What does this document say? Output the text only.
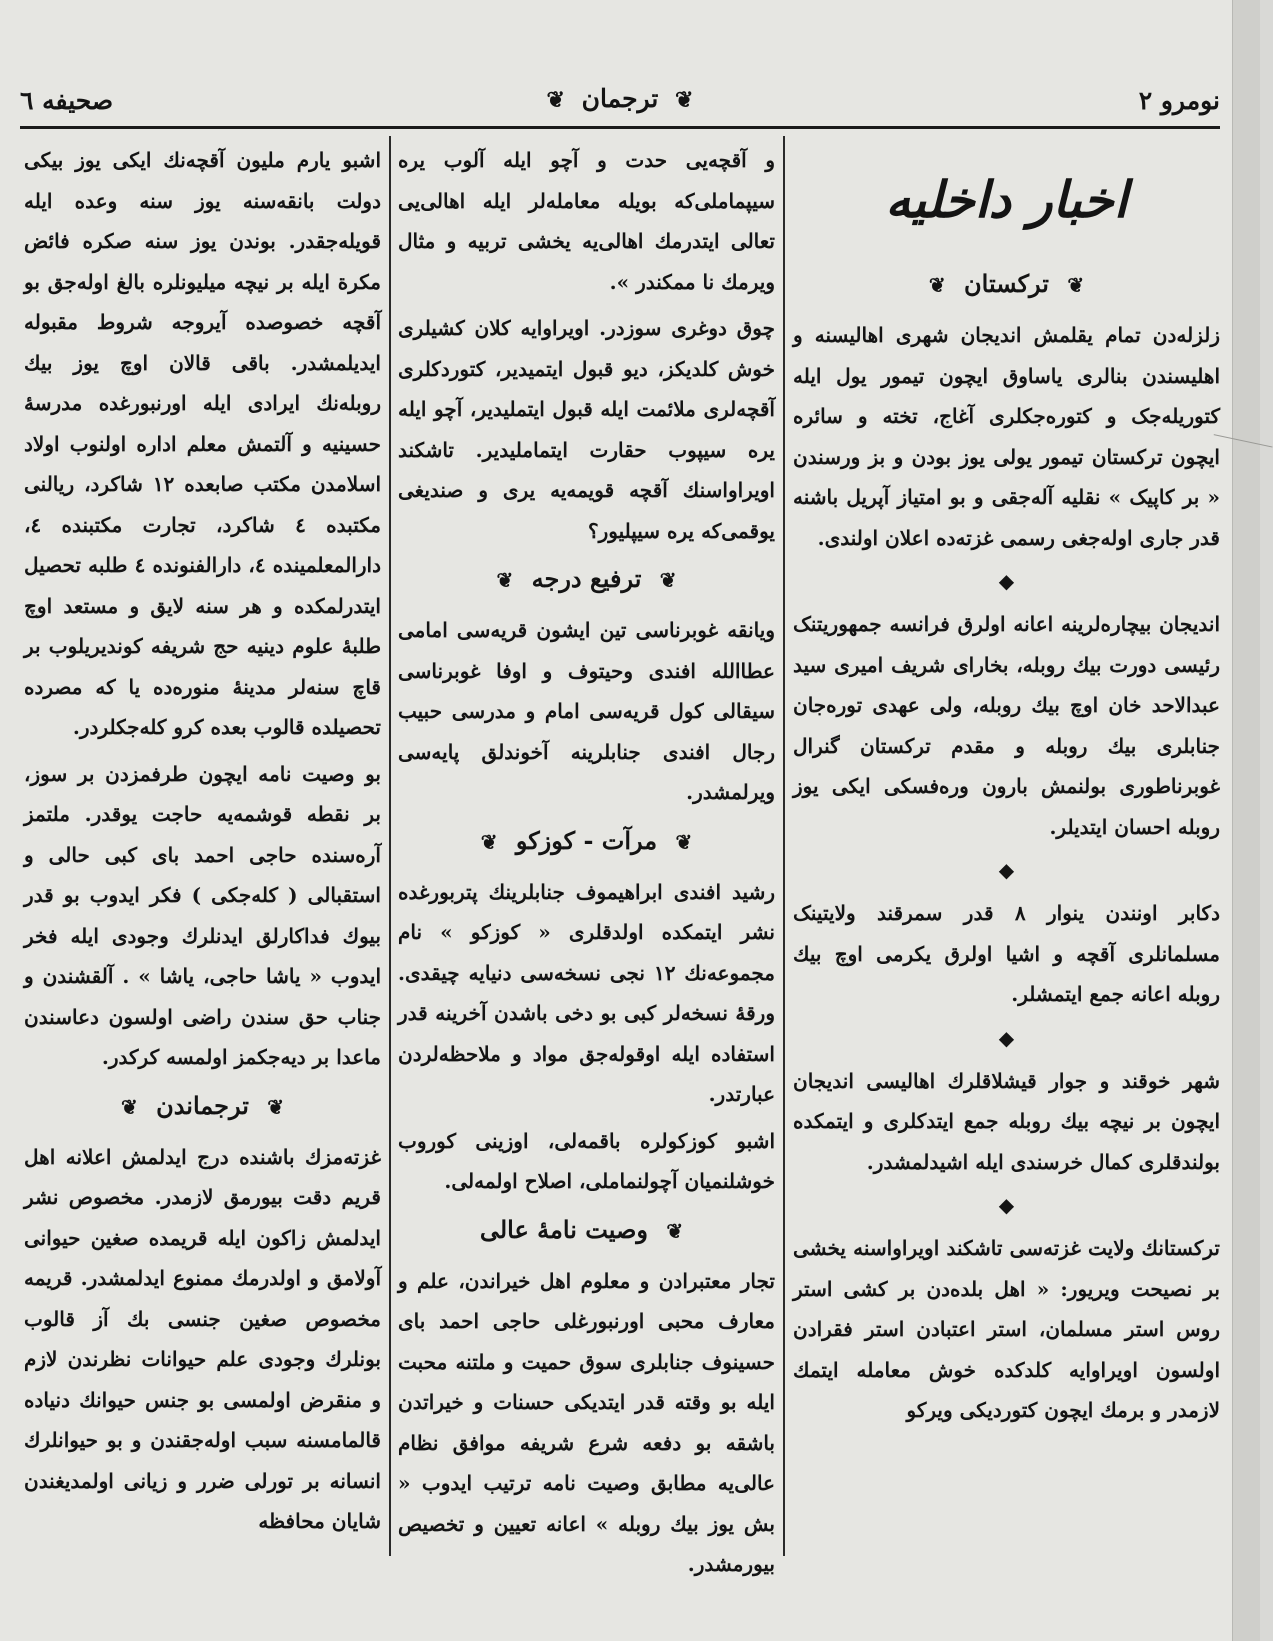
نومرو ۲
❦ ترجمان ❦
صحیفه ٦
اخبار داخلیه
❦ ترکستان ❦

زلزله‌دن تمام یقلمش اندیجان شهری اهالیسنه و اهلیسندن بنالری یاساوق ایچون تیمور یول ایله کتوریله‌جک و کتوره‌جکلری آغاج، تخته و سائره ایچون ترکستان تیمور یولی یوز بودن و بز ورسندن « بر کاپیک » نقلیه آله‌جقی و بو امتیاز آپریل باشنه قدر جاری اوله‌جغی رسمی غزته‌ده اعلان اولندی.

◆

اندیجان بیچاره‌لرینه اعانه اولرق فرانسه جمهوریتنک رئیسی دورت بیك روبله، بخارای شریف امیری سید عبدالاحد خان اوچ بیك روبله، ولی عهدی توره‌جان جنابلری بیك روبله و مقدم ترکستان گنرال غوبرناطوری بولنمش بارون وره‌فسکی ایکی یوز روبله احسان ایتدیلر.

◆

دکابر اونندن ینوار ۸ قدر سمرقند ولایتینک مسلمانلری آقچه و اشیا اولرق یکرمی اوچ بیك روبله اعانه جمع ایتمشلر.

◆

شهر خوقند و جوار قیشلاقلرك اهالیسی اندیجان ایچون بر نیچه بیك روبله جمع ایتدکلری و ایتمکده بولندقلری کمال خرسندی ایله اشیدلمشدر.

◆

ترکستانك ولایت غزته‌سی تاشکند اویراواسنه یخشی بر نصیحت ویریور: « اهل بلده‌دن بر کشی استر روس استر مسلمان، استر اعتبادن استر فقرادن اولسون اویراوایه کلدکده خوش معامله ایتمك لازمدر و برمك ایچون کتوردیکی ویرکو

و آقچه‌یی حدت و آچو ایله آلوب یره سیپماملی‌که بویله معامله‌لر ایله اهالی‌یی تعالی ایتدرمك اهالی‌یه یخشی تربیه و مثال ویرمك نا ممکندر ».

چوق دوغری سوزدر. اویراوایه کلان کشیلری خوش کلدیکز، دیو قبول ایتمیدیر، کتوردکلری آقچه‌لری ملائمت ایله قبول ایتملیدیر، آچو ایله یره سیپوب حقارت ایتماملیدیر. تاشکند اویراواسنك آقچه قویمه‌یه یری و صندیغی یوقمی‌که یره سیپلیور؟

❦ ترفیع درجه ❦

ویانقه غوبرناسی تین ایشون قریه‌سی امامی عطاالله افندی وحیتوف و اوفا غوبرناسی سیقالی کول قریه‌سی امام و مدرسی حبیب رجال افندی جنابلرینه آخوندلق پایه‌سی ویرلمشدر.

❦ مرآت - کوزکو ❦

رشید افندی ابراهیموف جنابلرینك پتربورغده نشر ایتمکده اولدقلری « کوزکو » نام مجموعه‌نك ۱۲ نجی نسخه‌سی دنیایه چیقدی. ورقهٔ نسخه‌لر کبی بو دخی باشدن آخرینه قدر استفاده ایله اوقوله‌جق مواد و ملاحظه‌لردن عبارتدر.

اشبو کوزکولره باقمه‌لی، اوزینی کوروب خوشلنمیان آچولنماملی، اصلاح اولمه‌لی.

❦ وصیت نامهٔ عالی

تجار معتبرادن و معلوم اهل خیراندن، علم و معارف محبی اورنبورغلی حاجی احمد بای حسینوف جنابلری سوق حمیت و ملتنه محبت ایله بو وقته قدر ایتدیکی حسنات و خیراتدن باشقه بو دفعه شرع شریفه موافق نظام عالی‌یه مطابق وصیت نامه ترتیب ایدوب « بش یوز بیك روبله » اعانه تعیین و تخصیص بیورمشدر.

اشبو یارم ملیون آقچه‌نك ایکی یوز بیکی دولت بانقه‌سنه یوز سنه وعده ایله قویله‌جقدر. بوندن یوز سنه صکره فائض مکرة ایله بر نیچه میلیونلره بالغ اوله‌جق بو آقچه خصوصده آیروجه شروط مقبوله ایدیلمشدر. باقی قالان اوچ یوز بیك روبله‌نك ایرادی ایله اورنبورغده مدرسهٔ حسینیه و آلتمش معلم اداره اولنوب اولاد اسلامدن مکتب صابعده ۱۲ شاکرد، ریالنی مکتبده ٤ شاکرد، تجارت مکتبنده ٤، دارالمعلمینده ٤، دارالفنونده ٤ طلبه تحصیل ایتدرلمکده و هر سنه لایق و مستعد اوچ طلبهٔ علوم دینیه حج شریفه کوندیریلوب بر قاچ سنه‌لر مدینهٔ منوره‌ده یا که مصرده تحصیلده قالوب بعده کرو کله‌جکلردر.

بو وصیت نامه ایچون طرفمزدن بر سوز، بر نقطه قوشمه‌یه حاجت یوقدر. ملتمز آره‌سنده حاجی احمد بای کبی حالی و استقبالی ( کله‌جکی ) فکر ایدوب بو قدر بیوك فداکارلق ایدنلرك وجودی ایله فخر ایدوب « یاشا حاجی، یاشا » . آلقشندن و جناب حق سندن راضی اولسون دعاسندن ماعدا بر دیه‌جکمز اولمسه کرکدر.

❦ ترجماندن ❦

غزته‌مزك باشنده درج ایدلمش اعلانه اهل قریم دقت بیورمق لازمدر. مخصوص نشر ایدلمش زاکون ایله قریمده صغین حیوانی آولامق و اولدرمك ممنوع ایدلمشدر. قریمه مخصوص صغین جنسی بك آز قالوب بونلرك وجودی علم حیوانات نظرندن لازم و منقرض اولمسی بو جنس حیوانك دنیاده قالمامسنه سبب اوله‌جقندن و بو حیوانلرك انسانه بر تورلی ضرر و زیانی اولمدیغندن شایان محافظه
